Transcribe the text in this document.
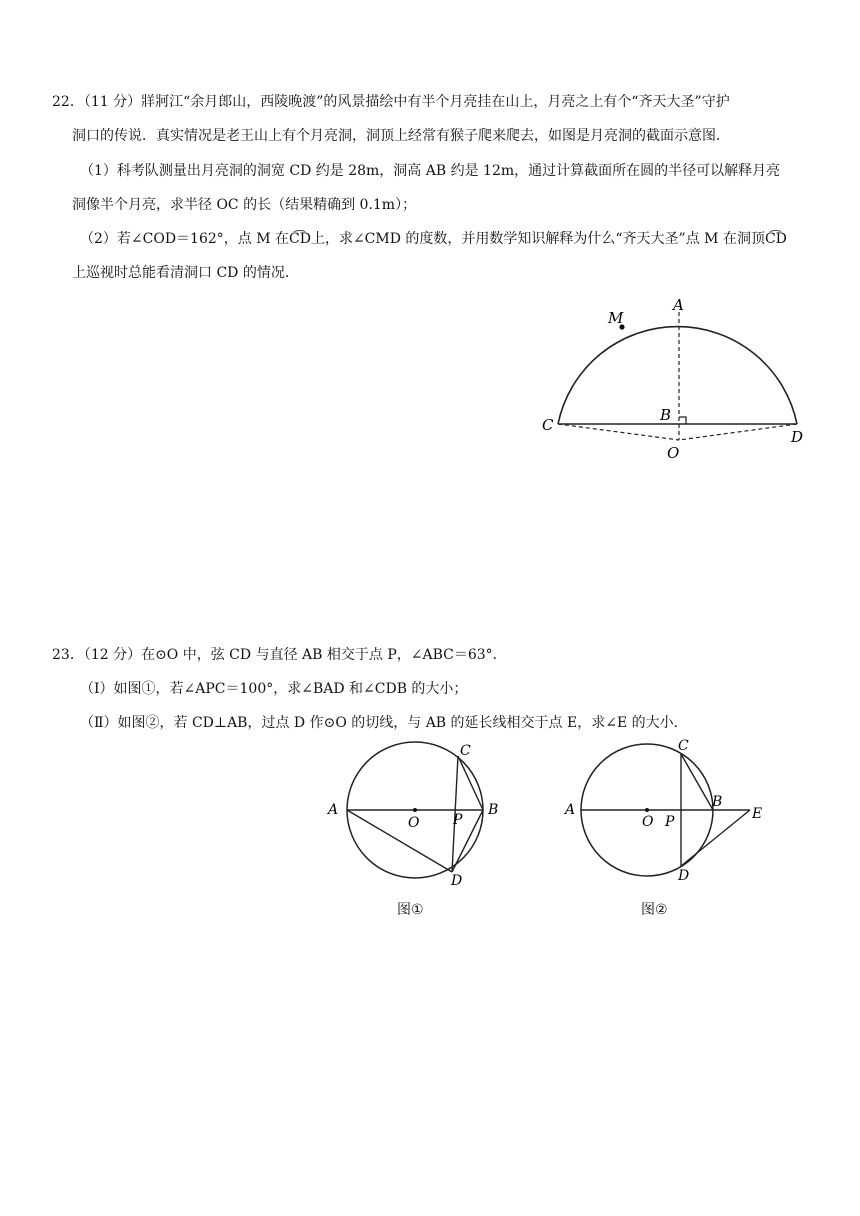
22．（11 分）牂牁江“余月郎山，西陵晚渡”的风景描绘中有半个月亮挂在山上，月亮之上有个“齐天大圣”守护
洞口的传说．真实情况是老王山上有个月亮洞，洞顶上经常有猴子爬来爬去，如图是月亮洞的截面示意图．
（1）科考队测量出月亮洞的洞宽 CD 约是 28m，洞高 AB 约是 12m，通过计算截面所在圆的半径可以解释月亮
洞像半个月亮，求半径 OC 的长（结果精确到 0.1m）；
（2）若∠COD＝162°，点 M 在C͡D上，求∠CMD 的度数，并用数学知识解释为什么“齐天大圣”点 M 在洞顶C͡D
上巡视时总能看清洞口 CD 的情况．
M
A
B
C
D
O
23．（12 分）在⊙O 中，弦 CD 与直径 AB 相交于点 P，∠ABC＝63°．
（Ⅰ）如图①，若∠APC＝100°，求∠BAD 和∠CDB 的大小；
（Ⅱ）如图②，若 CD⊥AB，过点 D 作⊙O 的切线，与 AB 的延长线相交于点 E，求∠E 的大小．
A
O P
B
C
D
图①
A
O P
B
E
C
D
图②
